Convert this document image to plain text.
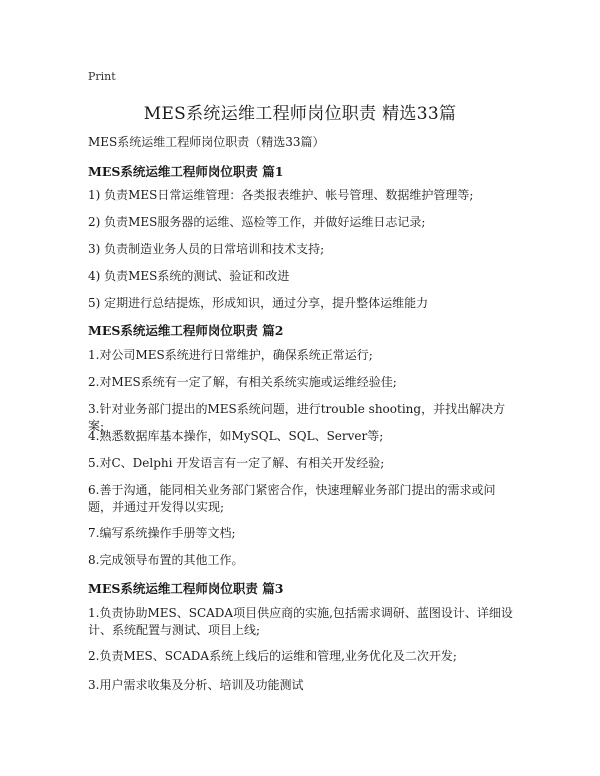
Print
MES系统运维工程师岗位职责 精选33篇
MES系统运维工程师岗位职责（精选33篇）
MES系统运维工程师岗位职责 篇1
1) 负责MES日常运维管理：各类报表维护、帐号管理、数据维护管理等;
2) 负责MES服务器的运维、巡检等工作，并做好运维日志记录;
3) 负责制造业务人员的日常培训和技术支持;
4) 负责MES系统的测试、验证和改进
5) 定期进行总结提炼，形成知识，通过分享，提升整体运维能力
MES系统运维工程师岗位职责 篇2
1.对公司MES系统进行日常维护，确保系统正常运行;
2.对MES系统有一定了解，有相关系统实施或运维经验佳;
3.针对业务部门提出的MES系统问题，进行trouble shooting，并找出解决方案;
4.熟悉数据库基本操作，如MySQL、SQL、Server等;
5.对C、Delphi 开发语言有一定了解、有相关开发经验;
6.善于沟通，能同相关业务部门紧密合作，快速理解业务部门提出的需求或问题，并通过开发得以实现;
7.编写系统操作手册等文档;
8.完成领导布置的其他工作。
MES系统运维工程师岗位职责 篇3
1.负责协助MES、SCADA项目供应商的实施,包括需求调研、蓝图设计、详细设计、系统配置与测试、项目上线;
2.负责MES、SCADA系统上线后的运维和管理,业务优化及二次开发;
3.用户需求收集及分析、培训及功能测试
